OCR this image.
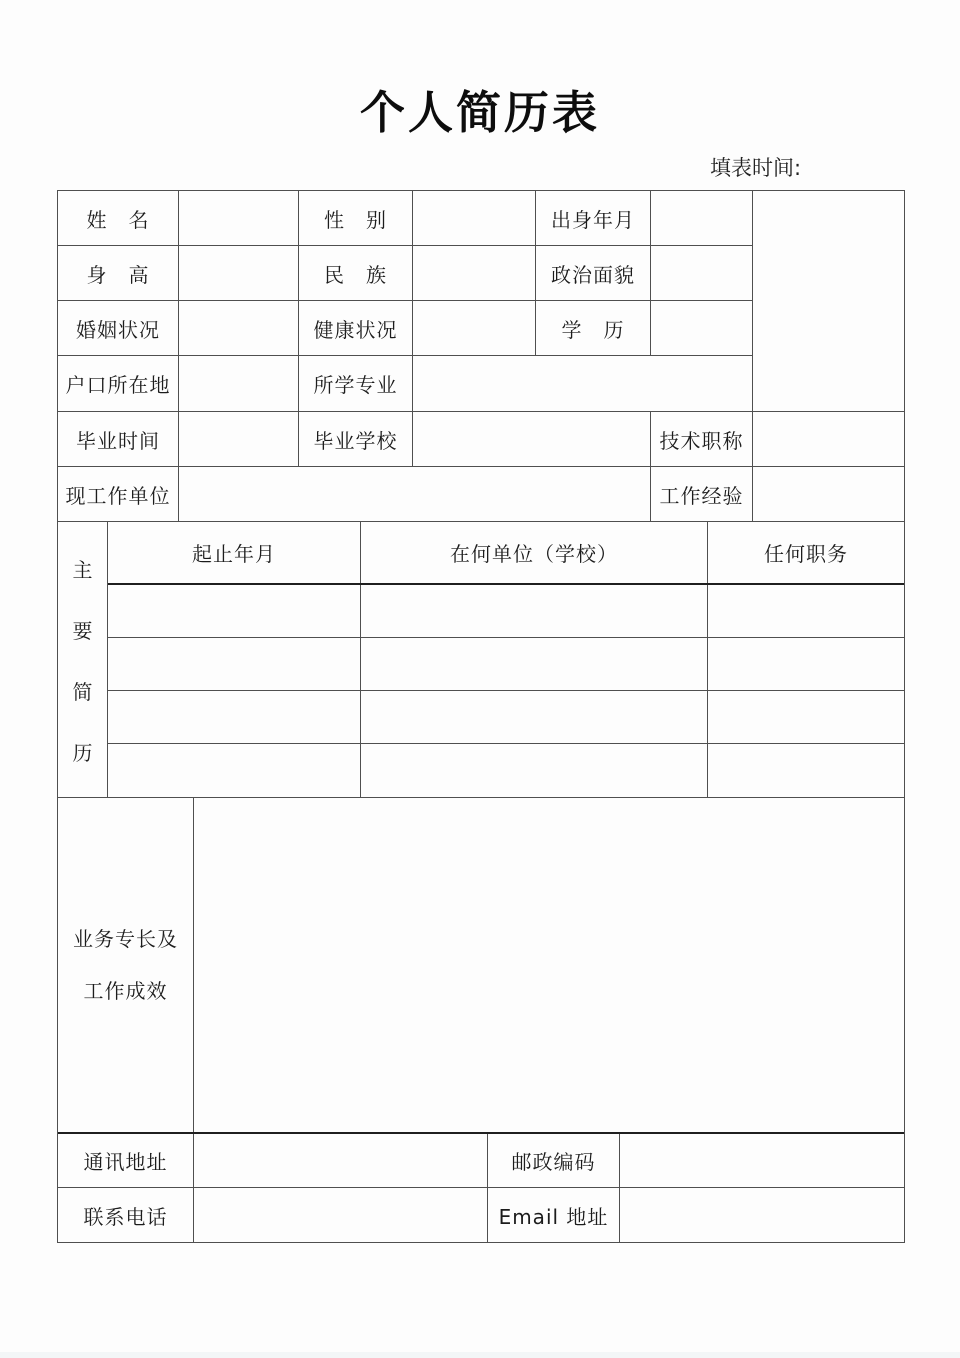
个人简历表
填表时间:
姓　名	性　别	出身年月
身　高	民　族	政治面貌
婚姻状况	健康状况	学　历
户口所在地	所学专业
毕业时间	毕业学校	技术职称
现工作单位	工作经验
主
要
简
历
起止年月	在何单位（学校）	任何职务
业务专长及工作成效
通讯地址	邮政编码
联系电话	Email 地址
